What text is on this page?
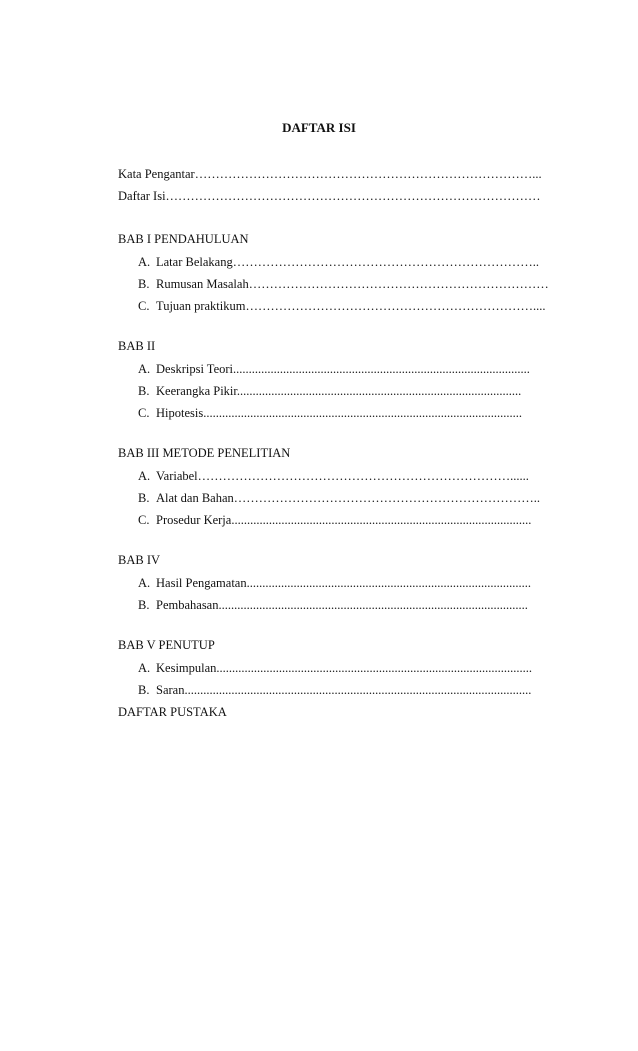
DAFTAR ISI
Kata Pengantar………………………………………………………………………...
Daftar Isi………………………………………………………………………………
BAB I PENDAHULUAN
A. Latar Belakang………………………………………………………………..
B. Rumusan Masalah………………………………………………………………
C. Tujuan praktikum……………………………………………………………....
BAB II
A. Deskripsi Teori...............................................................................................
B. Keerangka Pikir...........................................................................................
C. Hipotesis......................................................................................................
BAB III METODE PENELITIAN
A. Variabel…………………………………………………………………......
B. Alat dan Bahan………………………………………………………………..
C. Prosedur Kerja................................................................................................
BAB IV
A. Hasil Pengamatan...........................................................................................
B. Pembahasan...................................................................................................
BAB V PENUTUP
A. Kesimpulan.....................................................................................................
B. Saran...............................................................................................................
DAFTAR PUSTAKA
